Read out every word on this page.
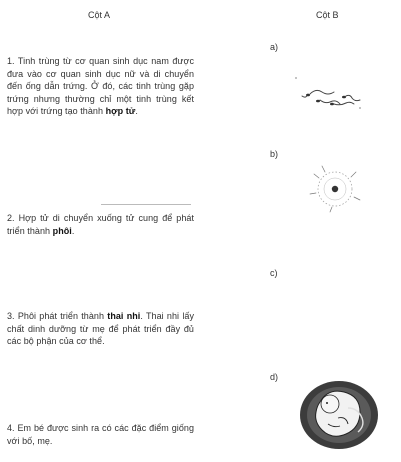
Cột A	Cột B
1. Tinh trùng từ cơ quan sinh dục nam được đưa vào cơ quan sinh dục nữ và di chuyển đến ống dẫn trứng. Ở đó, các tinh trùng gặp trứng nhưng thường chỉ một tinh trùng kết hợp với trứng tạo thành hợp tử.
2. Hợp tử di chuyển xuống tử cung để phát triển thành phôi.
3. Phôi phát triển thành thai nhi. Thai nhi lấy chất dinh dưỡng từ mẹ để phát triển đầy đủ các bộ phận của cơ thể.
4. Em bé được sinh ra có các đặc điểm giống với bố, mẹ.
a)
b)
c)
d)
